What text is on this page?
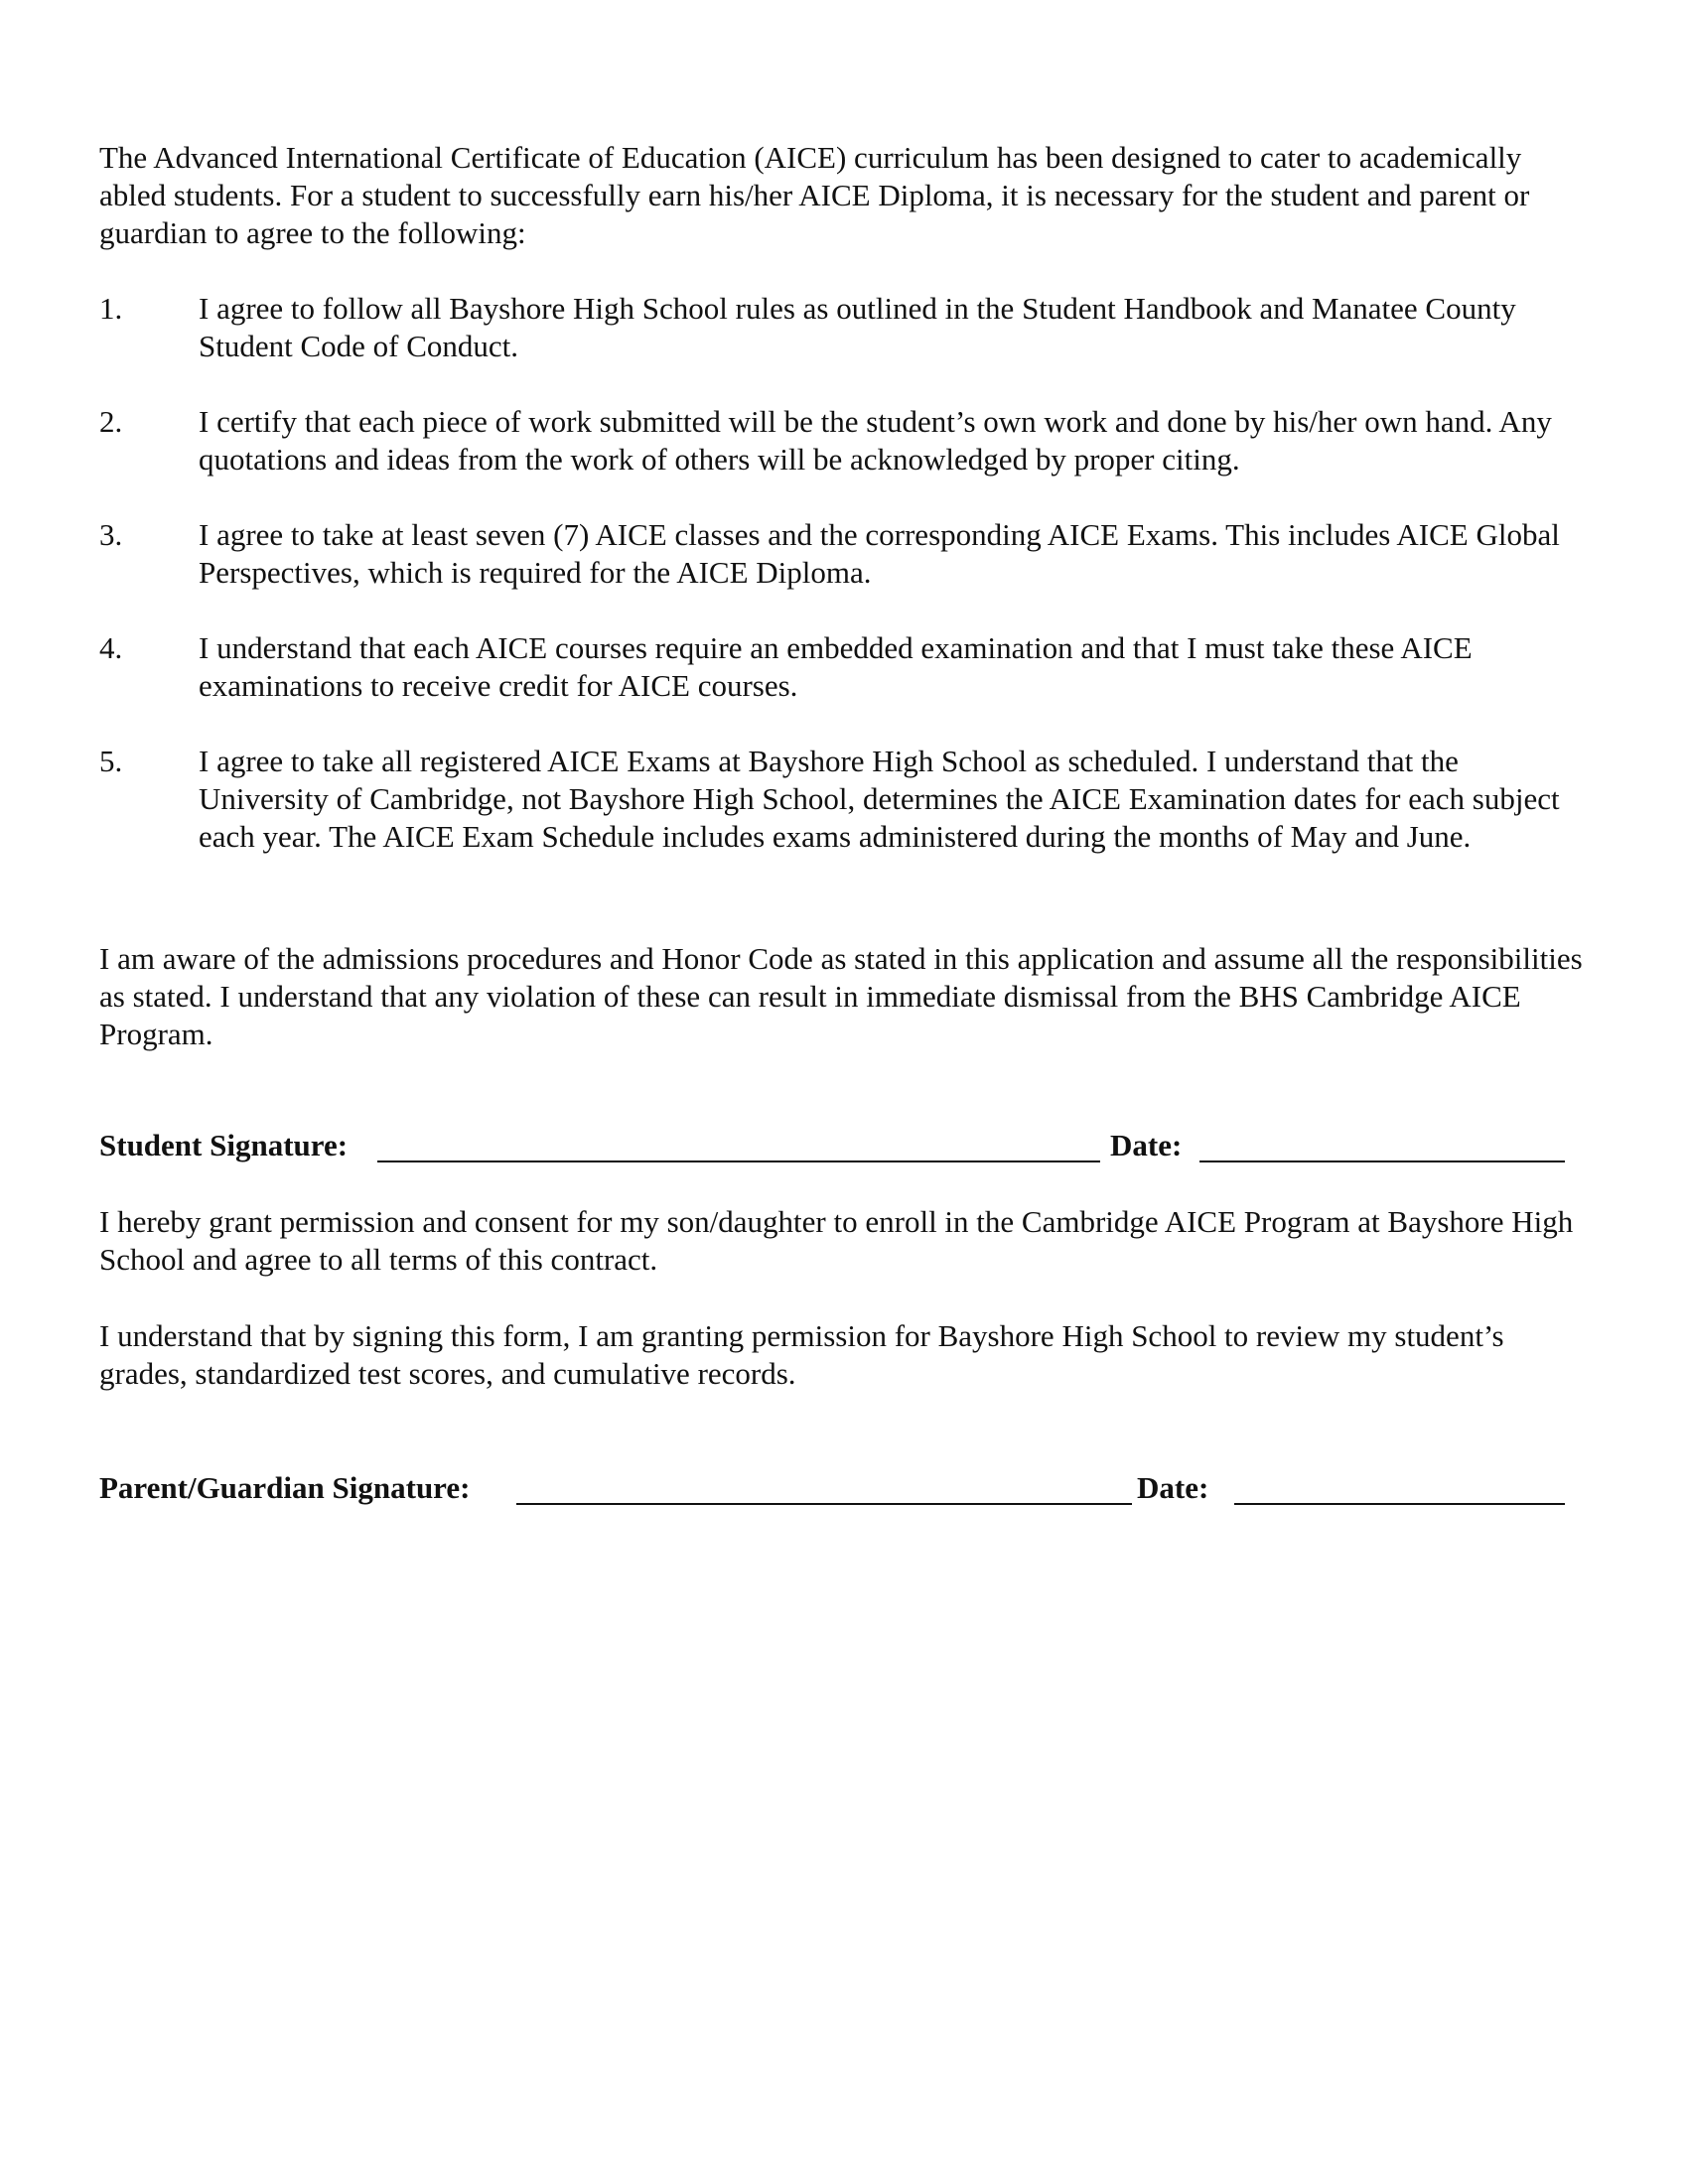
The Advanced International Certificate of Education (AICE) curriculum has been designed to cater to academically abled students. For a student to successfully earn his/her AICE Diploma, it is necessary for the student and parent or guardian to agree to the following:

1.	I agree to follow all Bayshore High School rules as outlined in the Student Handbook and Manatee County Student Code of Conduct.
2.	I certify that each piece of work submitted will be the student’s own work and done by his/her own hand. Any quotations and ideas from the work of others will be acknowledged by proper citing.
3.	I agree to take at least seven (7) AICE classes and the corresponding AICE Exams. This includes AICE Global Perspectives, which is required for the AICE Diploma.
4.	I understand that each AICE courses require an embedded examination and that I must take these AICE examinations to receive credit for AICE courses.
5.	I agree to take all registered AICE Exams at Bayshore High School as scheduled. I understand that the University of Cambridge, not Bayshore High School, determines the AICE Examination dates for each subject each year. The AICE Exam Schedule includes exams administered during the months of May and June.

I am aware of the admissions procedures and Honor Code as stated in this application and assume all the responsibilities as stated. I understand that any violation of these can result in immediate dismissal from the BHS Cambridge AICE Program.

Student Signature:	Date:

I hereby grant permission and consent for my son/daughter to enroll in the Cambridge AICE Program at Bayshore High School and agree to all terms of this contract.

I understand that by signing this form, I am granting permission for Bayshore High School to review my student’s grades, standardized test scores, and cumulative records.

Parent/Guardian Signature:	Date:
